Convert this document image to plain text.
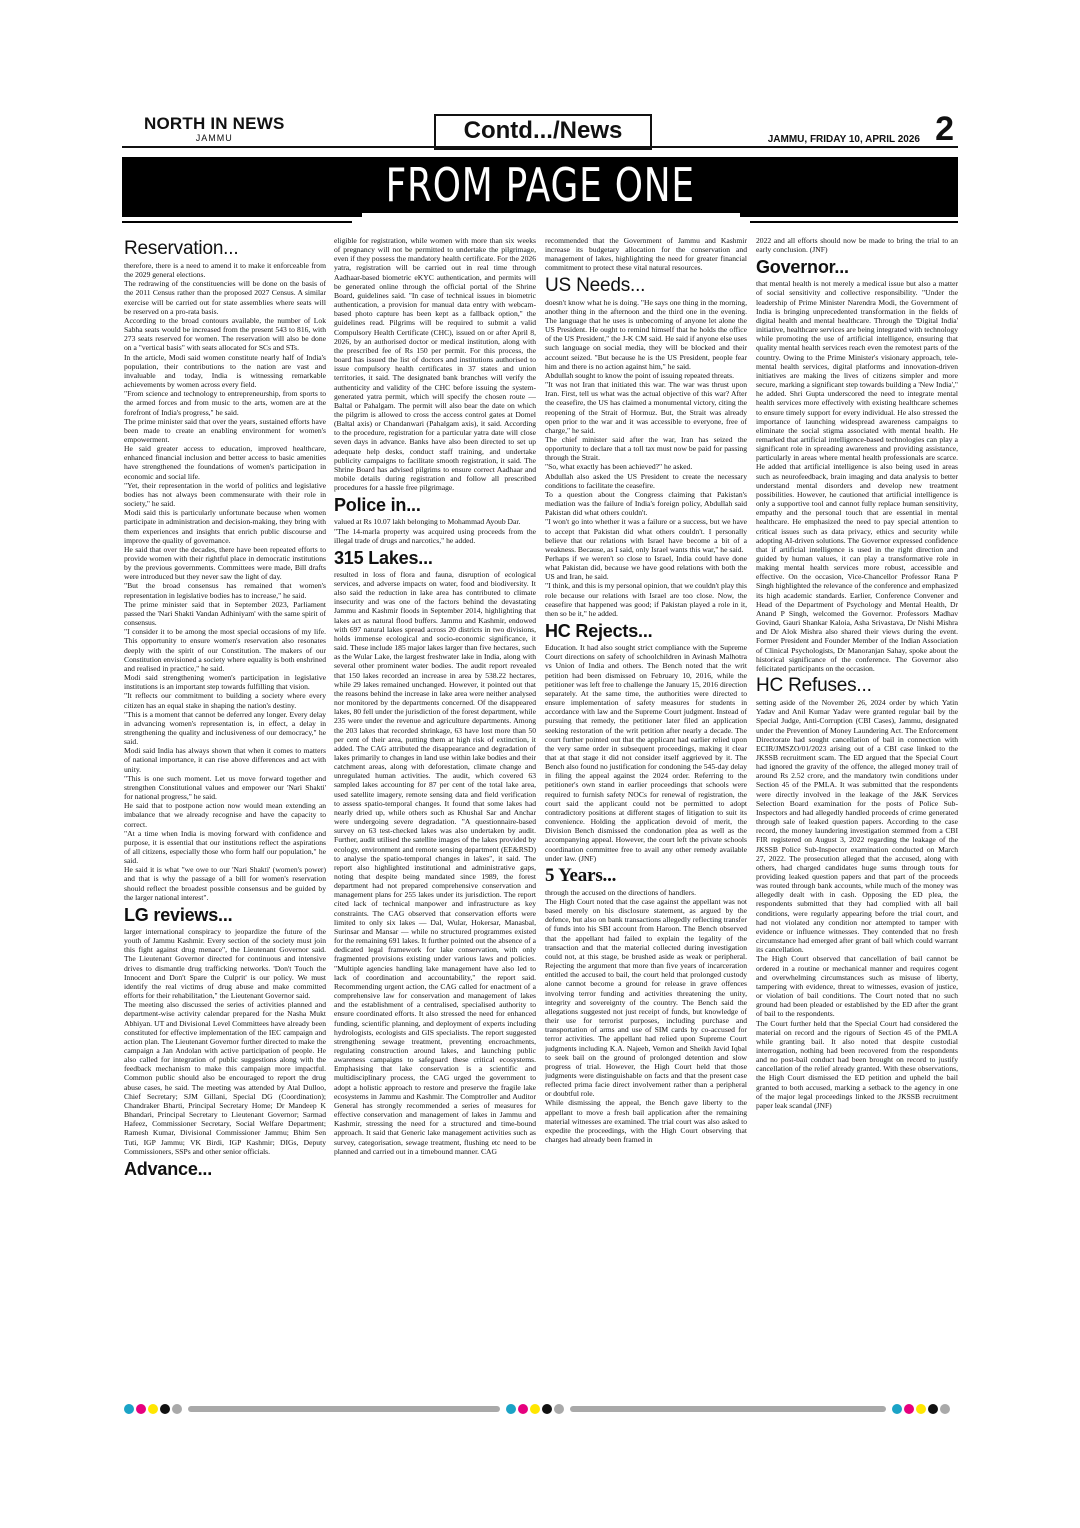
NORTH IN NEWS
JAMMU	Contd.../News	JAMMU, FRIDAY 10, APRIL 2026 2
FROM PAGE ONE
Reservation...

therefore, there is a need to amend it to make it enforceable from the 2029 general elections.

The redrawing of the constituencies will be done on the basis of the 2011 Census rather than the proposed 2027 Census. A similar exercise will be carried out for state assemblies where seats will be reserved on a pro-rata basis.

According to the broad contours available, the number of Lok Sabha seats would be increased from the present 543 to 816, with 273 seats reserved for women. The reservation will also be done on a "vertical basis" with seats allocated for SCs and STs.

In the article, Modi said women constitute nearly half of India's population, their contributions to the nation are vast and invaluable and today, India is witnessing remarkable achievements by women across every field.

"From science and technology to entrepreneurship, from sports to the armed forces and from music to the arts, women are at the forefront of India's progress," he said.

The prime minister said that over the years, sustained efforts have been made to create an enabling environment for women's empowerment.

He said greater access to education, improved healthcare, enhanced financial inclusion and better access to basic amenities have strengthened the foundations of women's participation in economic and social life.

"Yet, their representation in the world of politics and legislative bodies has not always been commensurate with their role in society," he said.

Modi said this is particularly unfortunate because when women participate in administration and decision-making, they bring with them experiences and insights that enrich public discourse and improve the quality of governance.

He said that over the decades, there have been repeated efforts to provide women with their rightful place in democratic institutions by the previous governments. Committees were made, Bill drafts were introduced but they never saw the light of day.

"But the broad consensus has remained that women's representation in legislative bodies has to increase," he said.

The prime minister said that in September 2023, Parliament passed the 'Nari Shakti Vandan Adhiniyam' with the same spirit of consensus.

"I consider it to be among the most special occasions of my life. This opportunity to ensure women's reservation also resonates deeply with the spirit of our Constitution. The makers of our Constitution envisioned a society where equality is both enshrined and realised in practice," he said.

Modi said strengthening women's participation in legislative institutions is an important step towards fulfilling that vision.

"It reflects our commitment to building a society where every citizen has an equal stake in shaping the nation's destiny.

"This is a moment that cannot be deferred any longer. Every delay in advancing women's representation is, in effect, a delay in strengthening the quality and inclusiveness of our democracy," he said.

Modi said India has always shown that when it comes to matters of national importance, it can rise above differences and act with unity.

"This is one such moment. Let us move forward together and strengthen Constitutional values and empower our 'Nari Shakti' for national progress," he said.

He said that to postpone action now would mean extending an imbalance that we already recognise and have the capacity to correct.

"At a time when India is moving forward with confidence and purpose, it is essential that our institutions reflect the aspirations of all citizens, especially those who form half our population," he said.

He said it is what "we owe to our 'Nari Shakti' (women's power) and that is why the passage of a bill for women's reservation should reflect the broadest possible consensus and be guided by the larger national interest".

LG reviews...

larger international conspiracy to jeopardize the future of the youth of Jammu Kashmir. Every section of the society must join this fight against drug menace", the Lieutenant Governor said. The Lieutenant Governor directed for continuous and intensive drives to dismantle drug trafficking networks. 'Don't Touch the Innocent and Don't Spare the Culprit' is our policy. We must identify the real victims of drug abuse and make committed efforts for their rehabilitation," the Lieutenant Governor said.

The meeting also discussed the series of activities planned and department-wise activity calendar prepared for the Nasha Mukt Abhiyan. UT and Divisional Level Committees have already been constituted for effective implementation of the IEC campaign and action plan. The Lieutenant Governor further directed to make the campaign a Jan Andolan with active participation of people. He also called for integration of public suggestions along with the feedback mechanism to make this campaign more impactful. Common public should also be encouraged to report the drug abuse cases, he said. The meeting was attended by Atal Dulloo, Chief Secretary; SJM Gillani, Special DG (Coordination); Chandraker Bharti, Principal Secretary Home; Dr Mandeep K Bhandari, Principal Secretary to Lieutenant Governor; Sarmad Hafeez, Commissioner Secretary, Social Welfare Department; Ramesh Kumar, Divisional Commissioner Jammu; Bhim Sen Tuti, IGP Jammu; VK Birdi, IGP Kashmir; DIGs, Deputy Commissioners, SSPs and other senior officials.

Advance...

eligible for registration, while women with more than six weeks of pregnancy will not be permitted to undertake the pilgrimage, even if they possess the mandatory health certificate. For the 2026 yatra, registration will be carried out in real time through Aadhaar-based biometric eKYC authentication, and permits will be generated online through the official portal of the Shrine Board, guidelines said. "In case of technical issues in biometric authentication, a provision for manual data entry with webcam-based photo capture has been kept as a fallback option," the guidelines read. Pilgrims will be required to submit a valid Compulsory Health Certificate (CHC), issued on or after April 8, 2026, by an authorised doctor or medical institution, along with the prescribed fee of Rs 150 per permit. For this process, the board has issued the list of doctors and institutions authorised to issue compulsory health certificates in 37 states and union territories, it said. The designated bank branches will verify the authenticity and validity of the CHC before issuing the system-generated yatra permit, which will specify the chosen route — Baltal or Pahalgam. The permit will also bear the date on which the pilgrim is allowed to cross the access control gates at Domel (Baltal axis) or Chandanwari (Pahalgam axis), it said. According to the procedure, registration for a particular yatra date will close seven days in advance. Banks have also been directed to set up adequate help desks, conduct staff training, and undertake publicity campaigns to facilitate smooth registration, it said. The Shrine Board has advised pilgrims to ensure correct Aadhaar and mobile details during registration and follow all prescribed procedures for a hassle free pilgrimage.

Police in...

valued at Rs 10.07 lakh belonging to Mohammad Ayoub Dar.

"The 14-marla property was acquired using proceeds from the illegal trade of drugs and narcotics," he added.

315 Lakes...

resulted in loss of flora and fauna, disruption of ecological services, and adverse impacts on water, food and biodiversity. It also said the reduction in lake area has contributed to climate insecurity and was one of the factors behind the devastating Jammu and Kashmir floods in September 2014, highlighting that lakes act as natural flood buffers. Jammu and Kashmir, endowed with 697 natural lakes spread across 20 districts in two divisions, holds immense ecological and socio-economic significance, it said. These include 185 major lakes larger than five hectares, such as the Wular Lake, the largest freshwater lake in India, along with several other prominent water bodies. The audit report revealed that 150 lakes recorded an increase in area by 538.22 hectares, while 29 lakes remained unchanged. However, it pointed out that the reasons behind the increase in lake area were neither analysed nor monitored by the departments concerned. Of the disappeared lakes, 80 fell under the jurisdiction of the forest department, while 235 were under the revenue and agriculture departments. Among the 203 lakes that recorded shrinkage, 63 have lost more than 50 per cent of their area, putting them at high risk of extinction, it added. The CAG attributed the disappearance and degradation of lakes primarily to changes in land use within lake bodies and their catchment areas, along with deforestation, climate change and unregulated human activities. The audit, which covered 63 sampled lakes accounting for 87 per cent of the total lake area, used satellite imagery, remote sensing data and field verification to assess spatio-temporal changes. It found that some lakes had nearly dried up, while others such as Khushal Sar and Anchar were undergoing severe degradation. "A questionnaire-based survey on 63 test-checked lakes was also undertaken by audit. Further, audit utilised the satellite images of the lakes provided by ecology, environment and remote sensing department (EE&RSD) to analyse the spatio-temporal changes in lakes", it said. The report also highlighted institutional and administrative gaps, noting that despite being mandated since 1989, the forest department had not prepared comprehensive conservation and management plans for 255 lakes under its jurisdiction. The report cited lack of technical manpower and infrastructure as key constraints. The CAG observed that conservation efforts were limited to only six lakes — Dal, Wular, Hokersar, Manasbal, Surinsar and Mansar — while no structured programmes existed for the remaining 691 lakes. It further pointed out the absence of a dedicated legal framework for lake conservation, with only fragmented provisions existing under various laws and policies. "Multiple agencies handling lake management have also led to lack of coordination and accountability," the report said. Recommending urgent action, the CAG called for enactment of a comprehensive law for conservation and management of lakes and the establishment of a centralised, specialised authority to ensure coordinated efforts. It also stressed the need for enhanced funding, scientific planning, and deployment of experts including hydrologists, ecologists and GIS specialists. The report suggested strengthening sewage treatment, preventing encroachments, regulating construction around lakes, and launching public awareness campaigns to safeguard these critical ecosystems. Emphasising that lake conservation is a scientific and multidisciplinary process, the CAG urged the government to adopt a holistic approach to restore and preserve the fragile lake ecosystems in Jammu and Kashmir. The Comptroller and Auditor General has strongly recommended a series of measures for effective conservation and management of lakes in Jammu and Kashmir, stressing the need for a structured and time-bound approach. It said that Generic lake management activities such as survey, categorisation, sewage treatment, flushing etc need to be planned and carried out in a timebound manner. CAG

recommended that the Government of Jammu and Kashmir increase its budgetary allocation for the conservation and management of lakes, highlighting the need for greater financial commitment to protect these vital natural resources.

US Needs...

doesn't know what he is doing. "He says one thing in the morning, another thing in the afternoon and the third one in the evening. The language that he uses is unbecoming of anyone let alone the US President. He ought to remind himself that he holds the office of the US President," the J-K CM said. He said if anyone else uses such language on social media, they will be blocked and their account seized. "But because he is the US President, people fear him and there is no action against him," he said.

Abdullah sought to know the point of issuing repeated threats.

"It was not Iran that initiated this war. The war was thrust upon Iran. First, tell us what was the actual objective of this war? After the ceasefire, the US has claimed a monumental victory, citing the reopening of the Strait of Hormuz. But, the Strait was already open prior to the war and it was accessible to everyone, free of charge," he said.

The chief minister said after the war, Iran has seized the opportunity to declare that a toll tax must now be paid for passing through the Strait.

"So, what exactly has been achieved?" he asked.

Abdullah also asked the US President to create the necessary conditions to facilitate the ceasefire.

To a question about the Congress claiming that Pakistan's mediation was the failure of India's foreign policy, Abdullah said Pakistan did what others couldn't.

"I won't go into whether it was a failure or a success, but we have to accept that Pakistan did what others couldn't. I personally believe that our relations with Israel have become a bit of a weakness. Because, as I said, only Israel wants this war," he said.

Perhaps if we weren't so close to Israel, India could have done what Pakistan did, because we have good relations with both the US and Iran, he said.

"I think, and this is my personal opinion, that we couldn't play this role because our relations with Israel are too close. Now, the ceasefire that happened was good; if Pakistan played a role in it, then so be it," he added.

HC Rejects...

Education. It had also sought strict compliance with the Supreme Court directions on safety of schoolchildren in Avinash Malhotra vs Union of India and others. The Bench noted that the writ petition had been dismissed on February 10, 2016, while the petitioner was left free to challenge the January 15, 2016 direction separately. At the same time, the authorities were directed to ensure implementation of safety measures for students in accordance with law and the Supreme Court judgment. Instead of pursuing that remedy, the petitioner later filed an application seeking restoration of the writ petition after nearly a decade. The court further pointed out that the applicant had earlier relied upon the very same order in subsequent proceedings, making it clear that at that stage it did not consider itself aggrieved by it. The Bench also found no justification for condoning the 545-day delay in filing the appeal against the 2024 order. Referring to the petitioner's own stand in earlier proceedings that schools were required to furnish safety NOCs for renewal of registration, the court said the applicant could not be permitted to adopt contradictory positions at different stages of litigation to suit its convenience. Holding the application devoid of merit, the Division Bench dismissed the condonation plea as well as the accompanying appeal. However, the court left the private schools coordination committee free to avail any other remedy available under law. (JNF)

5 Years...

through the accused on the directions of handlers.

The High Court noted that the case against the appellant was not based merely on his disclosure statement, as argued by the defence, but also on bank transactions allegedly reflecting transfer of funds into his SBI account from Haroon. The Bench observed that the appellant had failed to explain the legality of the transaction and that the material collected during investigation could not, at this stage, be brushed aside as weak or peripheral. Rejecting the argument that more than five years of incarceration entitled the accused to bail, the court held that prolonged custody alone cannot become a ground for release in grave offences involving terror funding and activities threatening the unity, integrity and sovereignty of the country. The Bench said the allegations suggested not just receipt of funds, but knowledge of their use for terrorist purposes, including purchase and transportation of arms and use of SIM cards by co-accused for terror activities. The appellant had relied upon Supreme Court judgments including K.A. Najeeb, Vernon and Sheikh Javid Iqbal to seek bail on the ground of prolonged detention and slow progress of trial. However, the High Court held that those judgments were distinguishable on facts and that the present case reflected prima facie direct involvement rather than a peripheral or doubtful role.

While dismissing the appeal, the Bench gave liberty to the appellant to move a fresh bail application after the remaining material witnesses are examined. The trial court was also asked to expedite the proceedings, with the High Court observing that charges had already been framed in

2022 and all efforts should now be made to bring the trial to an early conclusion. (JNF)

Governor...

that mental health is not merely a medical issue but also a matter of social sensitivity and collective responsibility. "Under the leadership of Prime Minister Narendra Modi, the Government of India is bringing unprecedented transformation in the fields of digital health and mental healthcare. Through the 'Digital India' initiative, healthcare services are being integrated with technology while promoting the use of artificial intelligence, ensuring that quality mental health services reach even the remotest parts of the country. Owing to the Prime Minister's visionary approach, tele-mental health services, digital platforms and innovation-driven initiatives are making the lives of citizens simpler and more secure, marking a significant step towards building a 'New India'," he added. Shri Gupta underscored the need to integrate mental health services more effectively with existing healthcare schemes to ensure timely support for every individual. He also stressed the importance of launching widespread awareness campaigns to eliminate the social stigma associated with mental health. He remarked that artificial intelligence-based technologies can play a significant role in spreading awareness and providing assistance, particularly in areas where mental health professionals are scarce. He added that artificial intelligence is also being used in areas such as neurofeedback, brain imaging and data analysis to better understand mental disorders and develop new treatment possibilities. However, he cautioned that artificial intelligence is only a supportive tool and cannot fully replace human sensitivity, empathy and the personal touch that are essential in mental healthcare. He emphasized the need to pay special attention to critical issues such as data privacy, ethics and security while adopting AI-driven solutions. The Governor expressed confidence that if artificial intelligence is used in the right direction and guided by human values, it can play a transformative role in making mental health services more robust, accessible and effective. On the occasion, Vice-Chancellor Professor Rana P Singh highlighted the relevance of the conference and emphasized its high academic standards. Earlier, Conference Convener and Head of the Department of Psychology and Mental Health, Dr Anand P Singh, welcomed the Governor. Professors Madhav Govind, Gauri Shankar Kaloia, Asha Srivastava, Dr Nishi Mishra and Dr Alok Mishra also shared their views during the event. Former President and Founder Member of the Indian Association of Clinical Psychologists, Dr Manoranjan Sahay, spoke about the historical significance of the conference. The Governor also felicitated participants on the occasion.

HC Refuses...

setting aside of the November 26, 2024 order by which Yatin Yadav and Anil Kumar Yadav were granted regular bail by the Special Judge, Anti-Corruption (CBI Cases), Jammu, designated under the Prevention of Money Laundering Act. The Enforcement Directorate had sought cancellation of bail in connection with ECIR/JMSZO/01/2023 arising out of a CBI case linked to the JKSSB recruitment scam. The ED argued that the Special Court had ignored the gravity of the offence, the alleged money trail of around Rs 2.52 crore, and the mandatory twin conditions under Section 45 of the PMLA. It was submitted that the respondents were directly involved in the leakage of the J&K Services Selection Board examination for the posts of Police Sub-Inspectors and had allegedly handled proceeds of crime generated through sale of leaked question papers. According to the case record, the money laundering investigation stemmed from a CBI FIR registered on August 3, 2022 regarding the leakage of the JKSSB Police Sub-Inspector examination conducted on March 27, 2022. The prosecution alleged that the accused, along with others, had charged candidates huge sums through touts for providing leaked question papers and that part of the proceeds was routed through bank accounts, while much of the money was allegedly dealt with in cash. Opposing the ED plea, the respondents submitted that they had complied with all bail conditions, were regularly appearing before the trial court, and had not violated any condition nor attempted to tamper with evidence or influence witnesses. They contended that no fresh circumstance had emerged after grant of bail which could warrant its cancellation.

The High Court observed that cancellation of bail cannot be ordered in a routine or mechanical manner and requires cogent and overwhelming circumstances such as misuse of liberty, tampering with evidence, threat to witnesses, evasion of justice, or violation of bail conditions. The Court noted that no such ground had been pleaded or established by the ED after the grant of bail to the respondents.

The Court further held that the Special Court had considered the material on record and the rigours of Section 45 of the PMLA while granting bail. It also noted that despite custodial interrogation, nothing had been recovered from the respondents and no post-bail conduct had been brought on record to justify cancellation of the relief already granted. With these observations, the High Court dismissed the ED petition and upheld the bail granted to both accused, marking a setback to the agency in one of the major legal proceedings linked to the JKSSB recruitment paper leak scandal (JNF)
